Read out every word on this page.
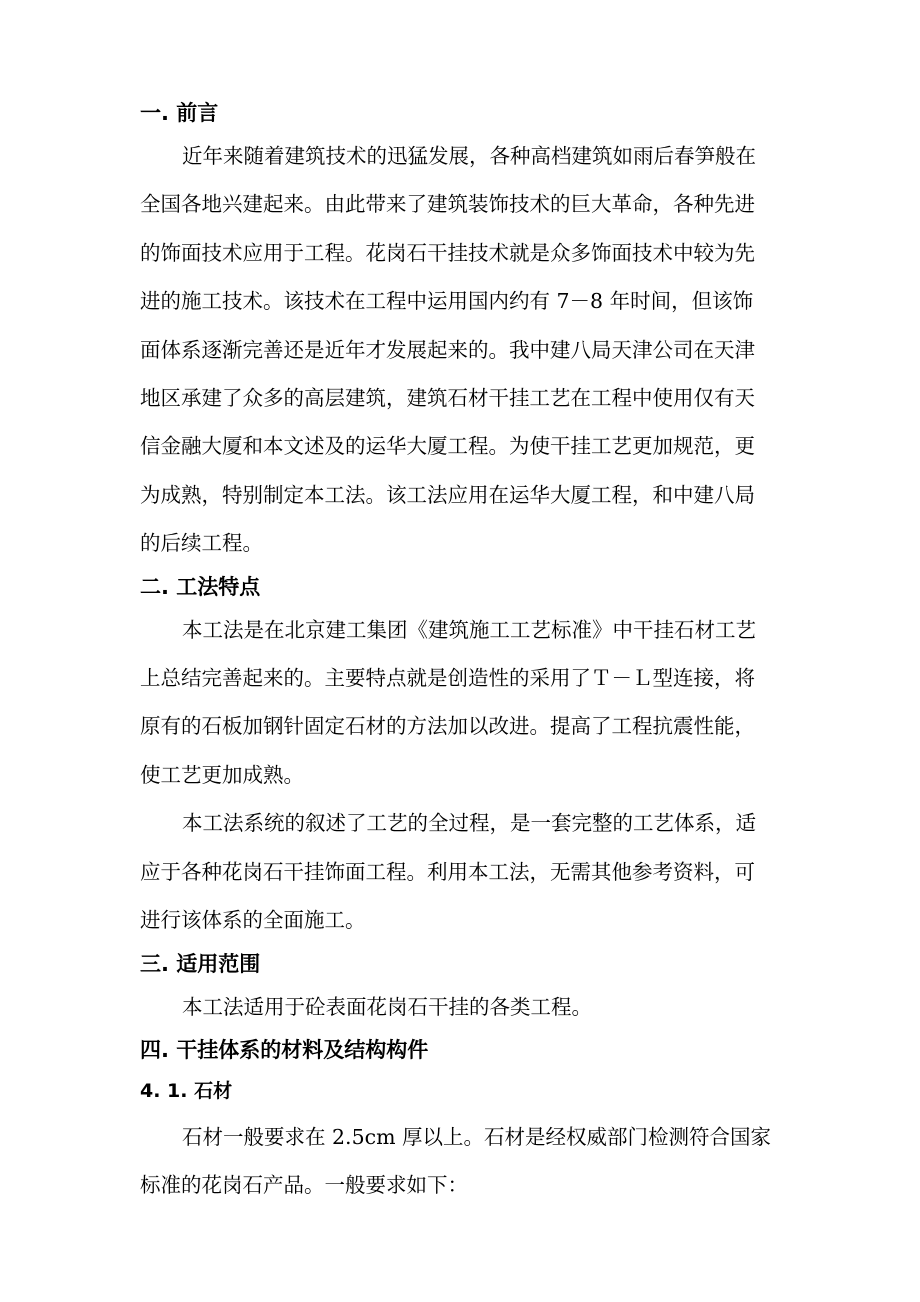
一. 前言

近年来随着建筑技术的迅猛发展，各种高档建筑如雨后春笋般在
全国各地兴建起来。由此带来了建筑装饰技术的巨大革命，各种先进
的饰面技术应用于工程。花岗石干挂技术就是众多饰面技术中较为先
进的施工技术。该技术在工程中运用国内约有 7－8 年时间，但该饰
面体系逐渐完善还是近年才发展起来的。我中建八局天津公司在天津
地区承建了众多的高层建筑，建筑石材干挂工艺在工程中使用仅有天
信金融大厦和本文述及的运华大厦工程。为使干挂工艺更加规范，更
为成熟，特别制定本工法。该工法应用在运华大厦工程，和中建八局
的后续工程。

二. 工法特点

本工法是在北京建工集团《建筑施工工艺标准》中干挂石材工艺
上总结完善起来的。主要特点就是创造性的采用了Ｔ－Ｌ型连接，将
原有的石板加钢针固定石材的方法加以改进。提高了工程抗震性能，
使工艺更加成熟。

本工法系统的叙述了工艺的全过程，是一套完整的工艺体系，适
应于各种花岗石干挂饰面工程。利用本工法，无需其他参考资料，可
进行该体系的全面施工。

三. 适用范围

本工法适用于砼表面花岗石干挂的各类工程。

四. 干挂体系的材料及结构构件
4. 1. 石材

石材一般要求在 2.5cm 厚以上。石材是经权威部门检测符合国家
标准的花岗石产品。一般要求如下：
